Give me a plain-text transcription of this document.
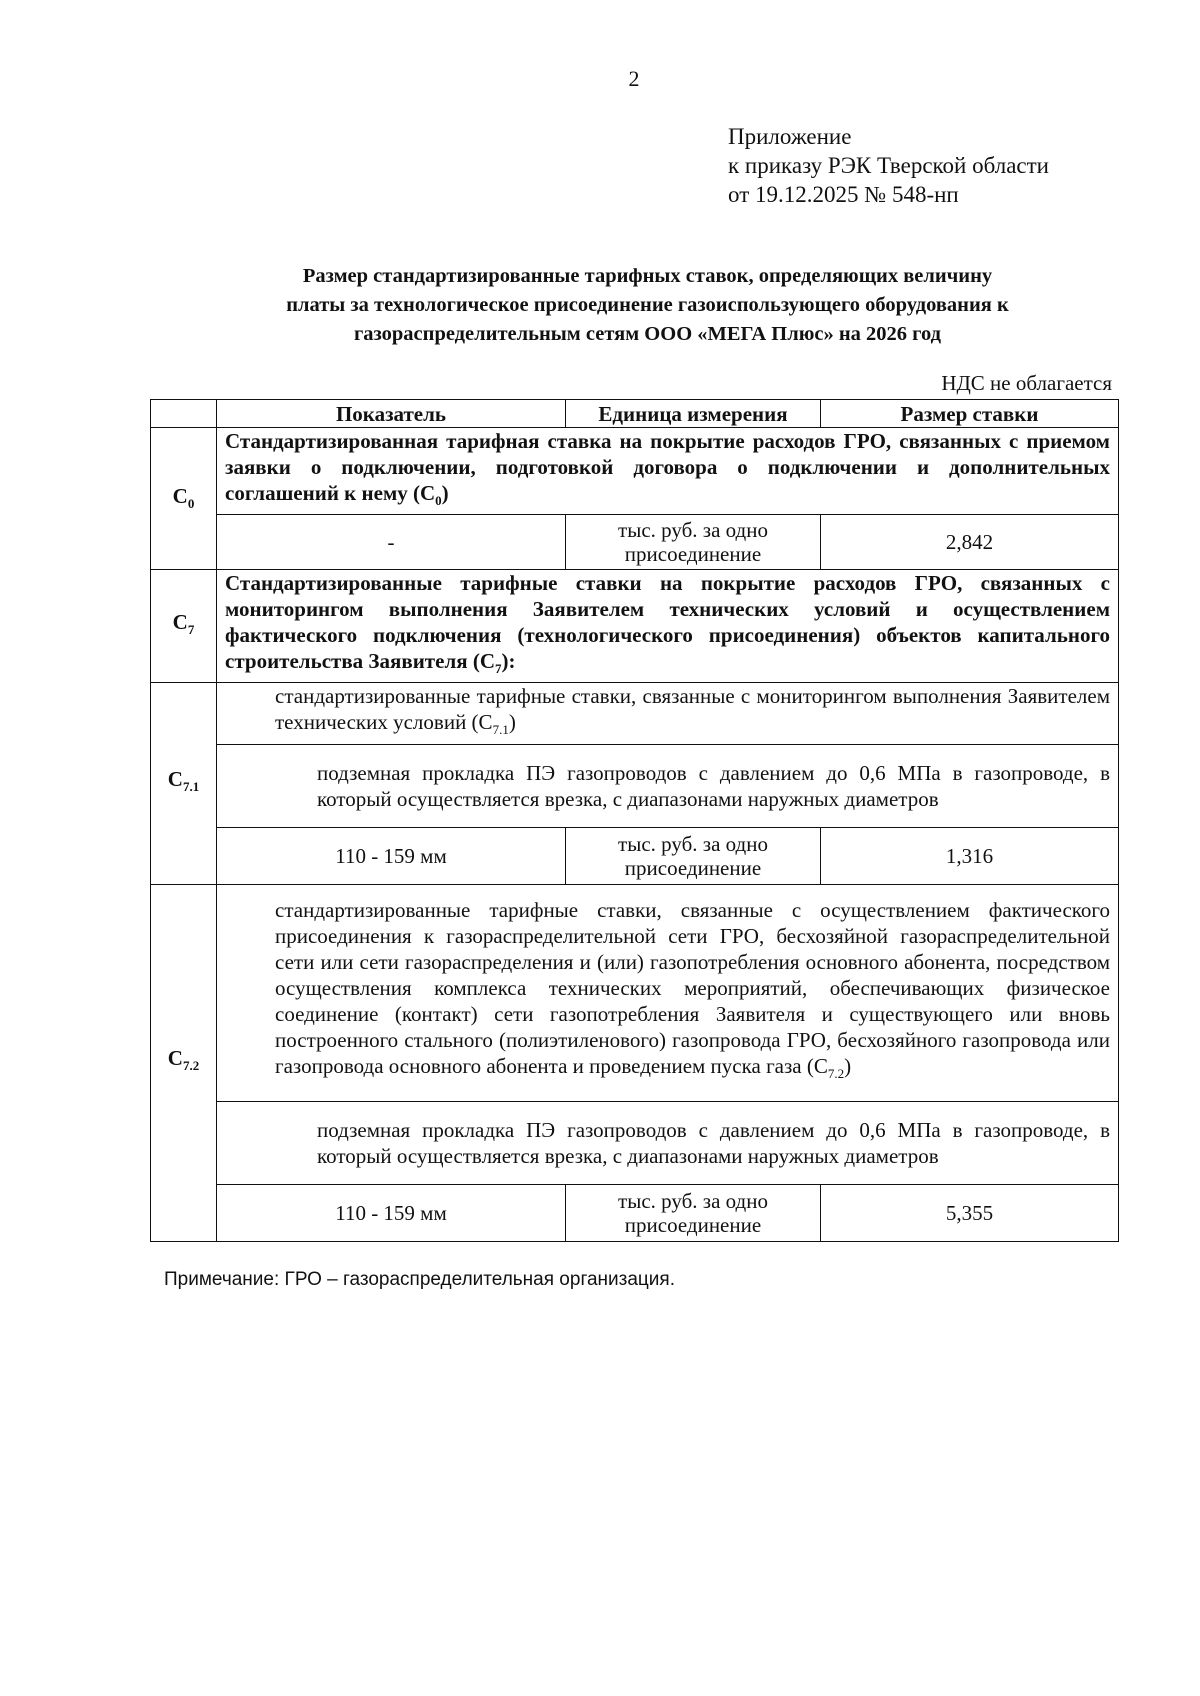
2
Приложение
к приказу РЭК Тверской области
от 19.12.2025 № 548-нп
Размер стандартизированные тарифных ставок, определяющих величину
платы за технологическое присоединение газоиспользующего оборудования к
газораспределительным сетям ООО «МЕГА Плюс» на 2026 год
НДС не облагается
	Показатель	Единица измерения	Размер ставки
$C_0$	Стандартизированная тарифная ставка на покрытие расходов ГРО, связанных с приемом заявки о подключении, подготовкой договора о подключении и дополнительных соглашений к нему $(C_0)$		
	-	тыс. руб. за одно присоединение	2,842
$C_7$	Стандартизированные тарифные ставки на покрытие расходов ГРО, связанных с мониторингом выполнения Заявителем технических условий и осуществлением фактического подключения (технологического присоединения) объектов капитального строительства Заявителя $(C_7)$:		
$C_{7.1}$	стандартизированные тарифные ставки, связанные с мониторингом выполнения Заявителем технических условий $(C_{7.1})$		
	подземная прокладка ПЭ газопроводов с давлением до 0,6 МПа в газопроводе, в который осуществляется врезка, с диапазонами наружных диаметров		
	110 - 159 мм	тыс. руб. за одно присоединение	1,316
$C_{7.2}$	стандартизированные тарифные ставки, связанные с осуществлением фактического присоединения к газораспределительной сети ГРО, бесхозяйной газораспределительной сети или сети газораспределения и (или) газопотребления основного абонента, посредством осуществления комплекса технических мероприятий, обеспечивающих физическое соединение (контакт) сети газопотребления Заявителя и существующего или вновь построенного стального (полиэтиленового) газопровода ГРО, бесхозяйного газопровода или газопровода основного абонента и проведением пуска газа $(C_{7.2})$		
	подземная прокладка ПЭ газопроводов с давлением до 0,6 МПа в газопроводе, в который осуществляется врезка, с диапазонами наружных диаметров		
	110 - 159 мм	тыс. руб. за одно присоединение	5,355
Примечание: ГРО – газораспределительная организация.
